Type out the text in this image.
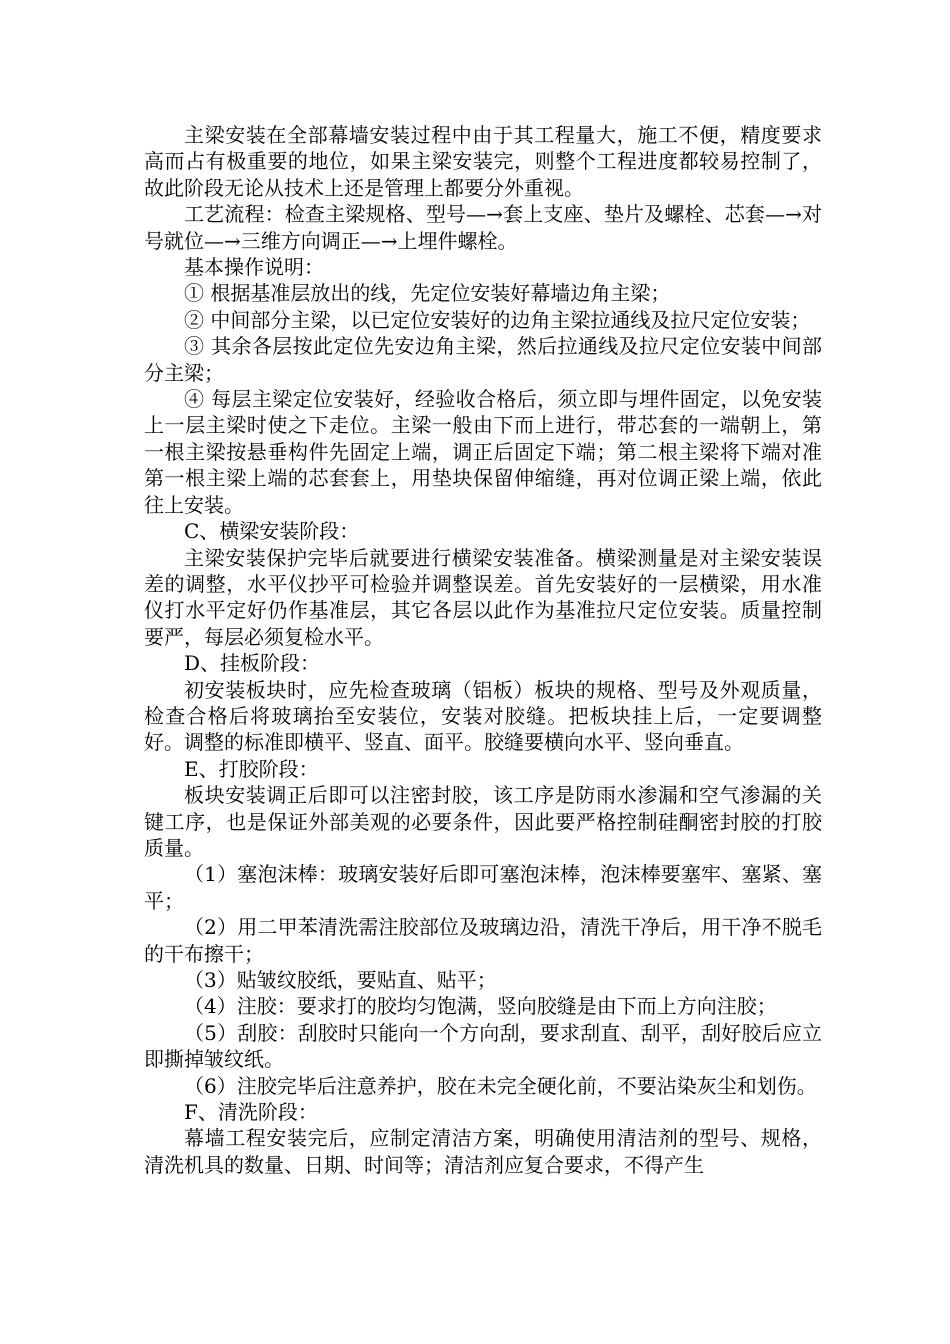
主梁安装在全部幕墙安装过程中由于其工程量大，施工不便，精度要求高而占有极重要的地位，如果主梁安装完，则整个工程进度都较易控制了，故此阶段无论从技术上还是管理上都要分外重视。

工艺流程：检查主梁规格、型号—→套上支座、垫片及螺栓、芯套—→对号就位—→三维方向调正—→上埋件螺栓。

基本操作说明：

① 根据基准层放出的线，先定位安装好幕墙边角主梁；

② 中间部分主梁，以已定位安装好的边角主梁拉通线及拉尺定位安装；

③ 其余各层按此定位先安边角主梁，然后拉通线及拉尺定位安装中间部分主梁；

④ 每层主梁定位安装好，经验收合格后，须立即与埋件固定，以免安装上一层主梁时使之下走位。主梁一般由下而上进行，带芯套的一端朝上，第一根主梁按悬垂构件先固定上端，调正后固定下端；第二根主梁将下端对准第一根主梁上端的芯套套上，用垫块保留伸缩缝，再对位调正梁上端，依此往上安装。

C、横梁安装阶段：

主梁安装保护完毕后就要进行横梁安装准备。横梁测量是对主梁安装误差的调整，水平仪抄平可检验并调整误差。首先安装好的一层横梁，用水准仪打水平定好仍作基准层，其它各层以此作为基准拉尺定位安装。质量控制要严，每层必须复检水平。

D、挂板阶段：

初安装板块时，应先检查玻璃（铝板）板块的规格、型号及外观质量，检查合格后将玻璃抬至安装位，安装对胶缝。把板块挂上后，一定要调整好。调整的标准即横平、竖直、面平。胶缝要横向水平、竖向垂直。

E、打胶阶段：

板块安装调正后即可以注密封胶，该工序是防雨水渗漏和空气渗漏的关键工序，也是保证外部美观的必要条件，因此要严格控制硅酮密封胶的打胶质量。

（1）塞泡沫棒：玻璃安装好后即可塞泡沫棒，泡沫棒要塞牢、塞紧、塞平；

（2）用二甲苯清洗需注胶部位及玻璃边沿，清洗干净后，用干净不脱毛的干布擦干；

（3）贴皱纹胶纸，要贴直、贴平；

（4）注胶：要求打的胶均匀饱满，竖向胶缝是由下而上方向注胶；

（5）刮胶：刮胶时只能向一个方向刮，要求刮直、刮平，刮好胶后应立即撕掉皱纹纸。

（6）注胶完毕后注意养护，胶在未完全硬化前，不要沾染灰尘和划伤。

F、清洗阶段：

幕墙工程安装完后，应制定清洁方案，明确使用清洁剂的型号、规格，清洗机具的数量、日期、时间等；清洁剂应复合要求，不得产生
